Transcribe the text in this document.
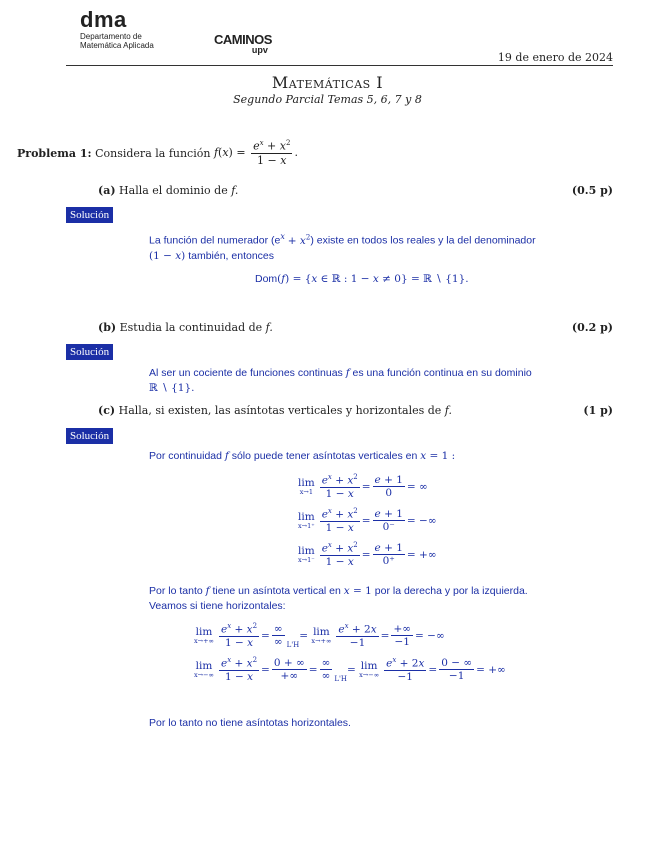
dma
Departamento de
Matemática Aplicada	CAMINOS
upv
19 de enero de 2024
Matemáticas I
Segundo Parcial Temas 5, 6, 7 y 8
Problema 1:
Considera la función
$f(x) = \frac{e^x + x^2}{1 - x}$ .
(a) Halla el dominio de f.	(0.5 p)
Solución
La función del numerador $(e^x + x^2)$ existe en todos los reales y la del denominador
(1 − x) también, entonces
Dom(f) = {x ∈ ℝ : 1 − x ≠ 0} = ℝ ∖ {1}.
(b) Estudia la continuidad de f.	(0.2 p)
Solución
Al ser un cociente de funciones continuas f es una función continua en su dominio
ℝ ∖ {1}.
(c) Halla, si existen, las asíntotas verticales y horizontales de f.	(1 p)
Solución
Por continuidad f sólo puede tener asíntotas verticales en x = 1 :
lim
$x\to 1 \frac{e^x + x^2}{1 - x} = \frac{e + 1}{0}$ = ∞
lim
$x\to 1^+ \frac{e^x + x^2}{1 - x} = \frac{e + 1}{0^-}$ = −∞
lim
$x\to 1^- \frac{e^x + x^2}{1 - x} = \frac{e + 1}{0^+}$ = +∞
Por lo tanto f tiene un asíntota vertical en x = 1 por la derecha y por la izquierda.
Veamos si tiene horizontales:
lim
$x\to+\infty \frac{e^x + x^2}{1 - x} = \frac{\infty}{\infty} _{L'H}= \lim$
$x\to+\infty \frac{e^x + 2x}{-1} = \frac{+\infty}{-1}$ = −∞
lim
$x\to-\infty \frac{e^x + x^2}{1 - x} = \frac{0 + \infty}{+\infty} = \frac{\infty}{\infty} _{L'H}= \lim$
$x\to-\infty \frac{e^x + 2x}{-1} = \frac{0 - \infty}{-1}$ = +∞
Por lo tanto no tiene asíntotas horizontales.
